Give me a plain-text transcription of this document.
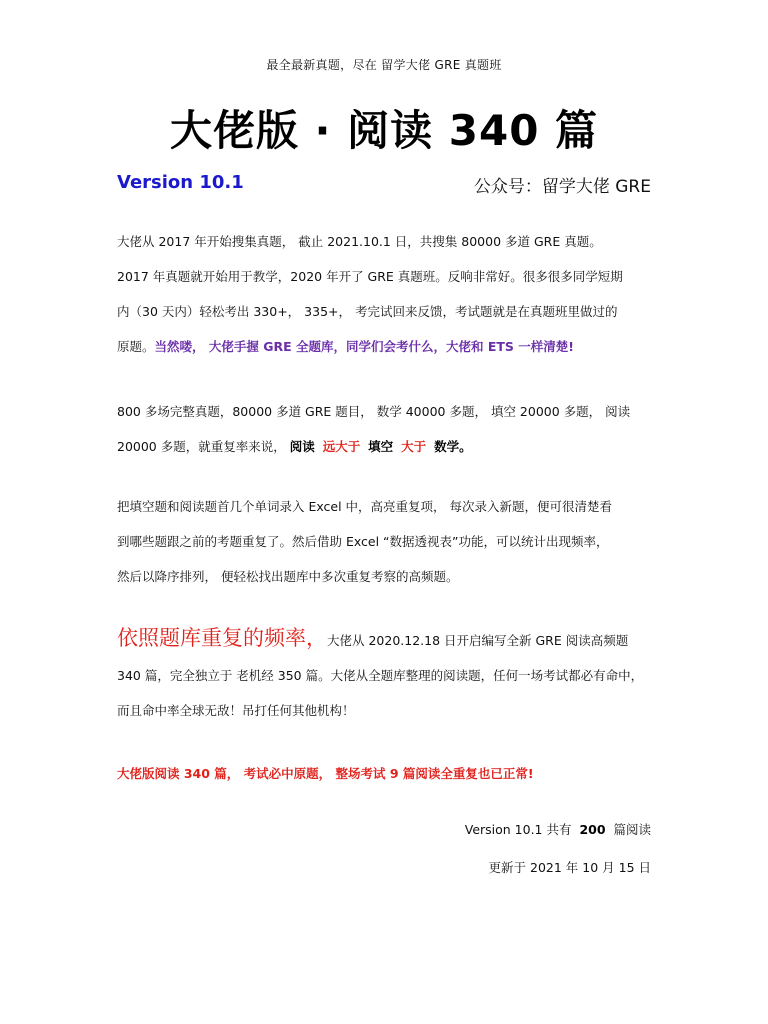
最全最新真题，尽在 留学大佬 GRE 真题班
大佬版 · 阅读 340 篇
Version 10.1	公众号：留学大佬 GRE
大佬从 2017 年开始搜集真题， 截止 2021.10.1 日，共搜集 80000 多道 GRE 真题。
2017 年真题就开始用于教学，2020 年开了 GRE 真题班。反响非常好。很多很多同学短期
内（30 天内）轻松考出 330+， 335+， 考完试回来反馈，考试题就是在真题班里做过的
原题。当然喽， 大佬手握 GRE 全题库，同学们会考什么，大佬和 ETS 一样清楚!
800 多场完整真题，80000 多道 GRE 题目， 数学 40000 多题， 填空 20000 多题， 阅读
20000 多题，就重复率来说， 阅读 远大于 填空 大于 数学。
把填空题和阅读题首几个单词录入 Excel 中，高亮重复项， 每次录入新题，便可很清楚看
到哪些题跟之前的考题重复了。然后借助 Excel “数据透视表”功能，可以统计出现频率，
然后以降序排列， 便轻松找出题库中多次重复考察的高频题。
依照题库重复的频率，大佬从 2020.12.18 日开启编写全新 GRE 阅读高频题
340 篇，完全独立于 老机经 350 篇。大佬从全题库整理的阅读题，任何一场考试都必有命中，
而且命中率全球无敌！吊打任何其他机构！
大佬版阅读 340 篇， 考试必中原题， 整场考试 9 篇阅读全重复也已正常!
Version 10.1 共有 200 篇阅读
更新于 2021 年 10 月 15 日
